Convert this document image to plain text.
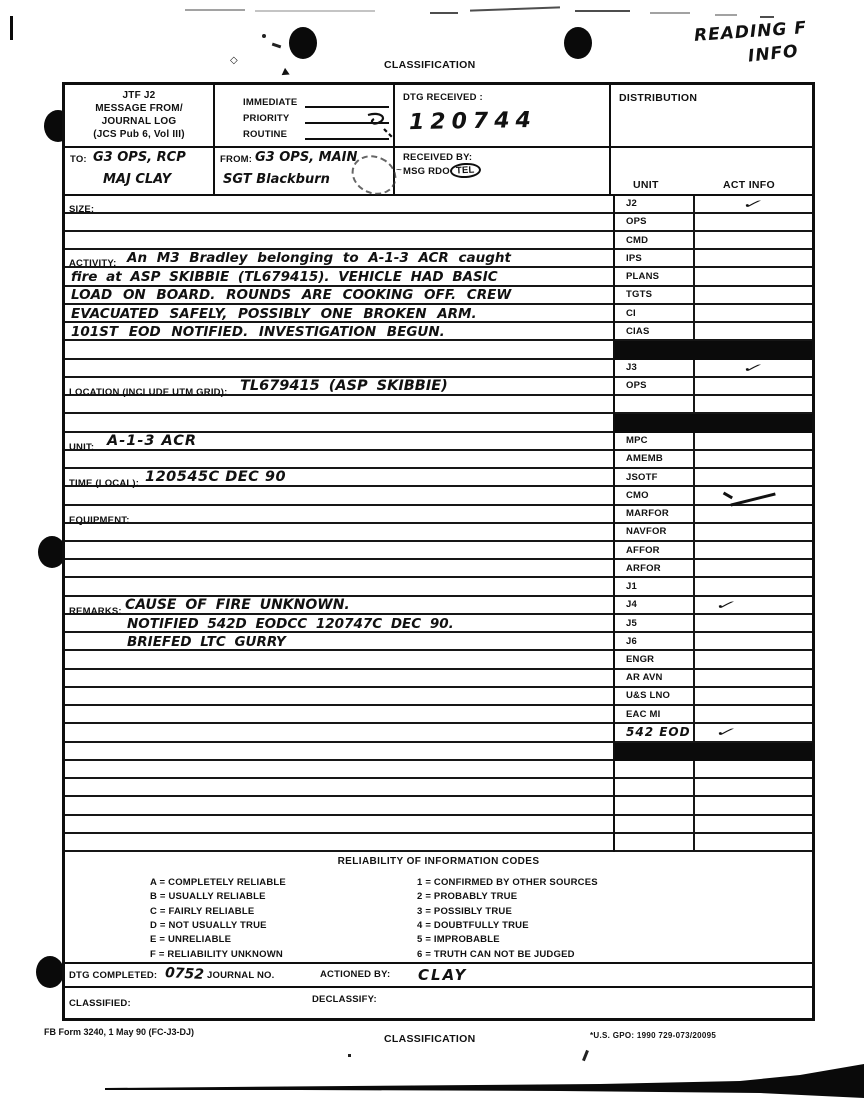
◇
READING F
INFO
CLASSIFICATION
JTF J2
MESSAGE FROM/
JOURNAL LOG
(JCS Pub 6, Vol III)
IMMEDIATE
PRIORITY
ROUTINE
DTG RECEIVED :
120744
DISTRIBUTION
TO: G3 OPS, RCP
MAJ CLAY
FROM: G3 OPS, MAIN
SGT Blackburn
RECEIVED BY:
~ MSG RDO TEL
UNIT	ACT INFO
SIZE:
ACTIVITY: An M3 Bradley belonging to A-1-3 ACR caught
fire at ASP SKIBBIE (TL679415). VEHICLE HAD BASIC
LOAD ON BOARD. ROUNDS ARE COOKING OFF. CREW
EVACUATED SAFELY, POSSIBLY ONE BROKEN ARM.
101ST EOD NOTIFIED. INVESTIGATION BEGUN.
LOCATION (INCLUDE UTM GRID): TL679415 (ASP SKIBBIE)
UNIT: A-1-3 ACR
TIME (LOCAL): 120545C DEC 90
EQUIPMENT:
REMARKS: CAUSE OF FIRE UNKNOWN.
NOTIFIED 542D EODCC 120747C DEC 90.
BRIEFED LTC GURRY
J2	✓
OPS
CMD
IPS
PLANS
TGTS
CI
CIAS
J3	✓
OPS
MPC
AMEMB
JSOTF
CMO
MARFOR
NAVFOR
AFFOR
ARFOR
J1
J4	✓
J5
J6
ENGR
AR AVN
U&S LNO
EAC MI
542 EOD ✓
RELIABILITY OF INFORMATION CODES
A = COMPLETELY RELIABLE
B = USUALLY RELIABLE
C = FAIRLY RELIABLE
D = NOT USUALLY TRUE
E = UNRELIABLE
F = RELIABILITY UNKNOWN
1 = CONFIRMED BY OTHER SOURCES
2 = PROBABLY TRUE
3 = POSSIBLY TRUE
4 = DOUBTFULLY TRUE
5 = IMPROBABLE
6 = TRUTH CAN NOT BE JUDGED
DTG COMPLETED: 0752 JOURNAL NO.	ACTIONED BY: CLAY
CLASSIFIED:	DECLASSIFY:
FB Form 3240, 1 May 90 (FC-J3-DJ)
CLASSIFICATION	*U.S. GPO: 1990 729-073/20095
